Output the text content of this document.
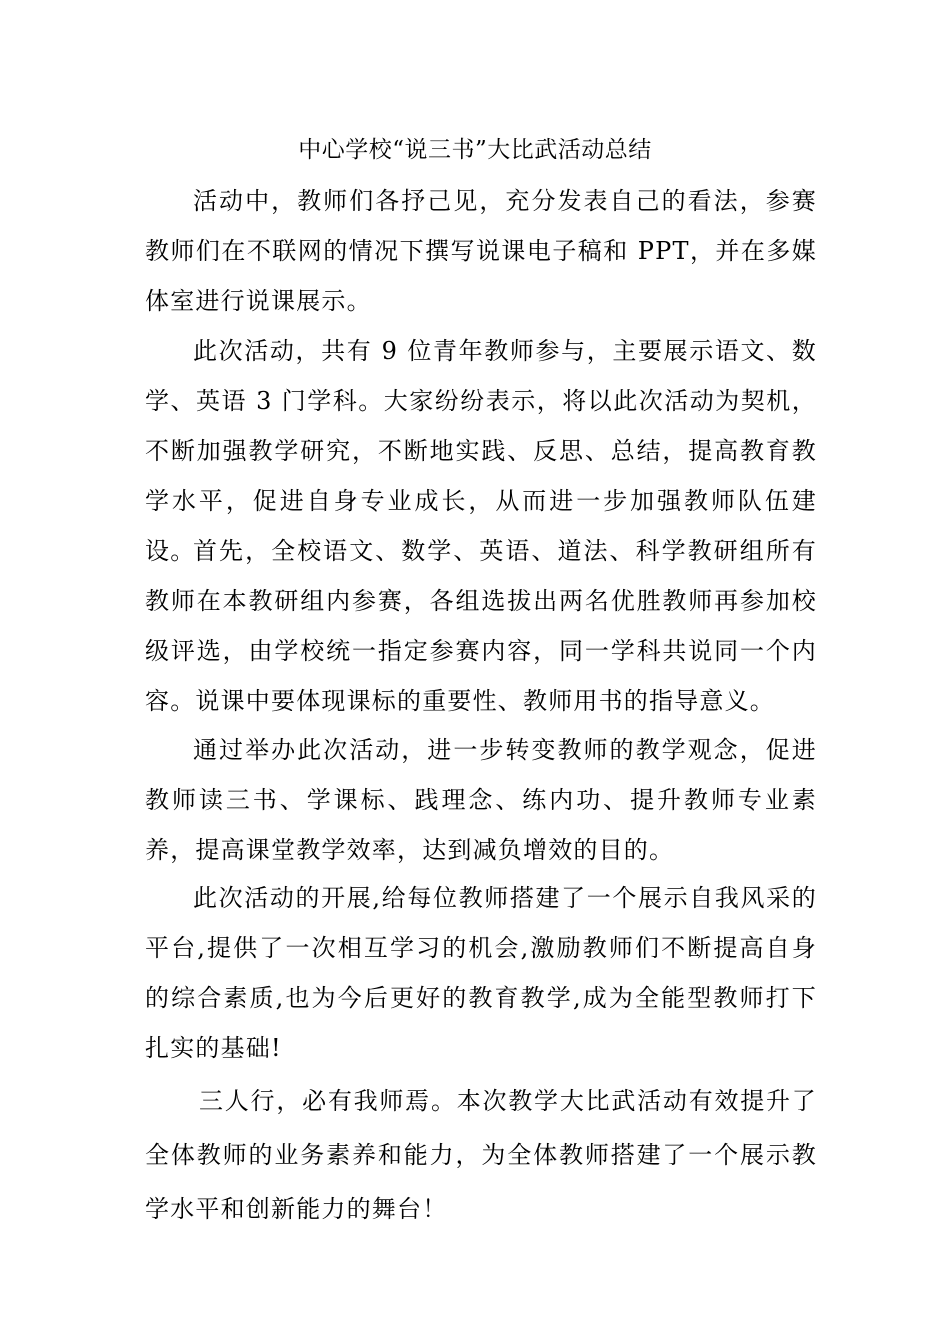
中心学校“说三书”大比武活动总结

活动中，教师们各抒己见，充分发表自己的看法，参赛教师们在不联网的情况下撰写说课电子稿和 PPT，并在多媒体室进行说课展示。

此次活动，共有 9 位青年教师参与，主要展示语文、数学、英语 3 门学科。大家纷纷表示，将以此次活动为契机，不断加强教学研究，不断地实践、反思、总结，提高教育教学水平，促进自身专业成长，从而进一步加强教师队伍建设。

首先，全校语文、数学、英语、道法、科学教研组所有教师在本教研组内参赛，各组选拔出两名优胜教师再参加校级评选，由学校统一指定参赛内容，同一学科共说同一个内容。说课中要体现课标的重要性、教师用书的指导意义。

通过举办此次活动，进一步转变教师的教学观念，促进教师读三书、学课标、践理念、练内功、提升教师专业素养，提高课堂教学效率，达到减负增效的目的。

此次活动的开展,给每位教师搭建了一个展示自我风采的平台,提供了一次相互学习的机会,激励教师们不断提高自身的综合素质,也为今后更好的教育教学,成为全能型教师打下扎实的基础!

三人行，必有我师焉。本次教学大比武活动有效提升了全体教师的业务素养和能力，为全体教师搭建了一个展示教学水平和创新能力的舞台！
